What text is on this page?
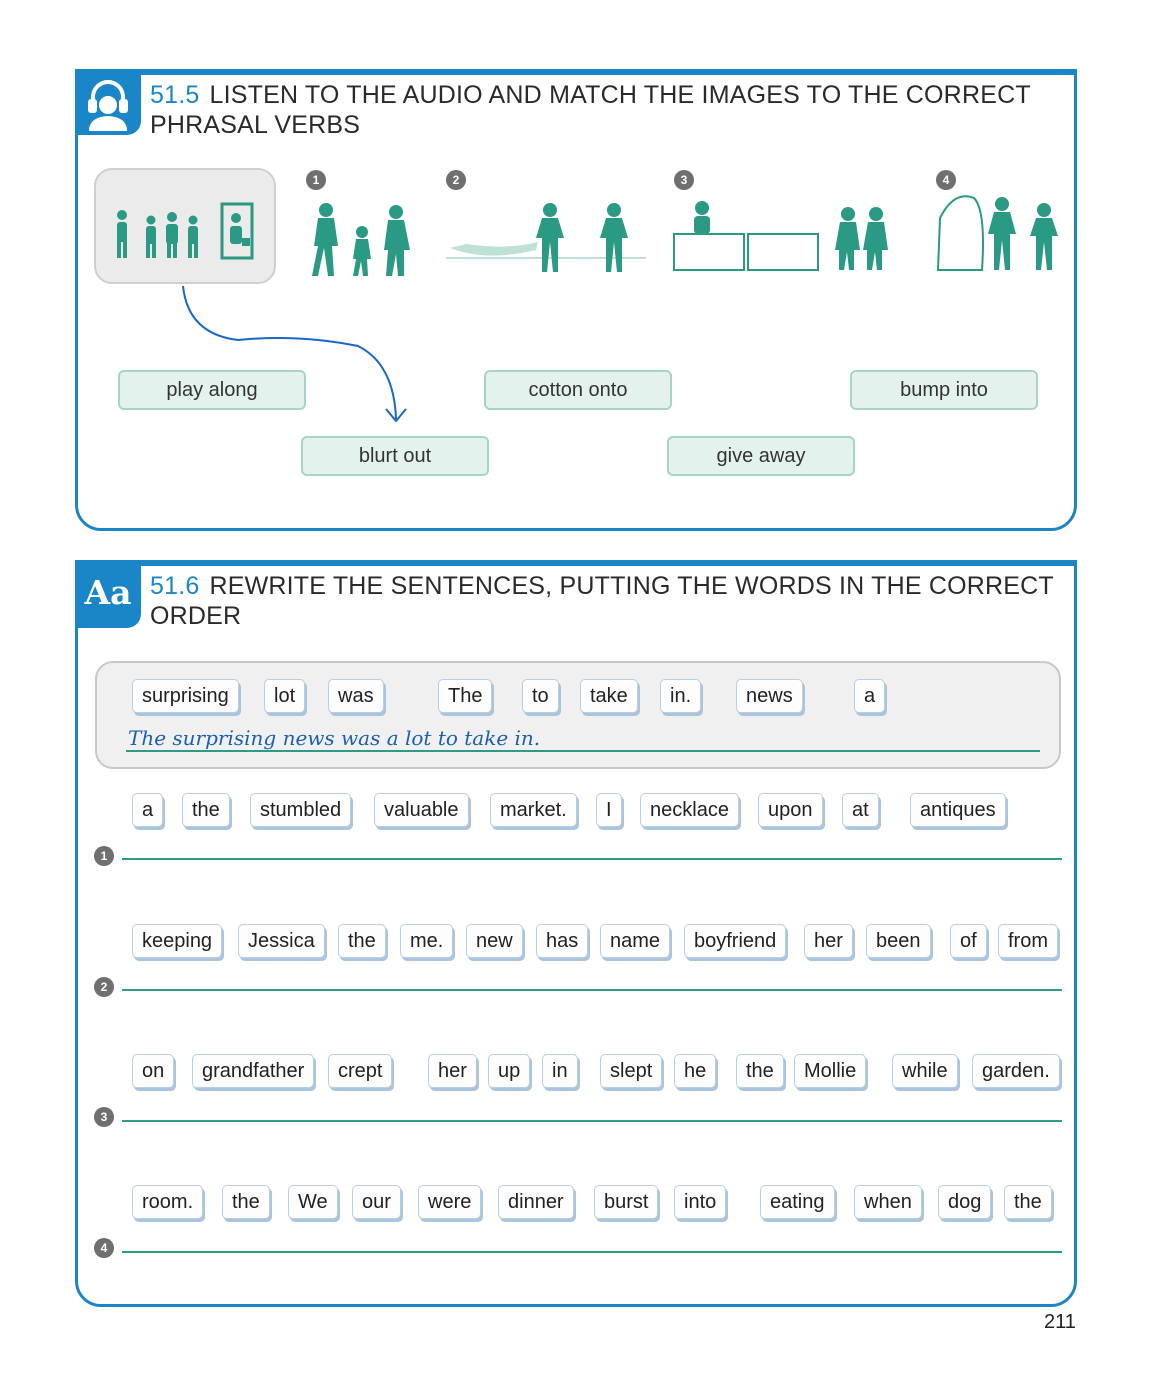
51.5 LISTEN TO THE AUDIO AND MATCH THE IMAGES TO THE CORRECT PHRASAL VERBS
1	2	3	4
play along	cotton onto	bump into
blurt out	give away
Aa 51.6 REWRITE THE SENTENCES, PUTTING THE WORDS IN THE CORRECT ORDER
surprising	lot	was	The	to	take	in.	news	a
The surprising news was a lot to take in.
a	the	stumbled	valuable	market.	I	necklace	upon	at	antiques
1
keeping	Jessica	the	me.	new	has	name	boyfriend	her	been	of	from
2
on	grandfather	crept	her	up	in	slept	he	the	Mollie	while	garden.
3
room.	the	We	our	were	dinner	burst	into	eating	when	dog	the
4
211
